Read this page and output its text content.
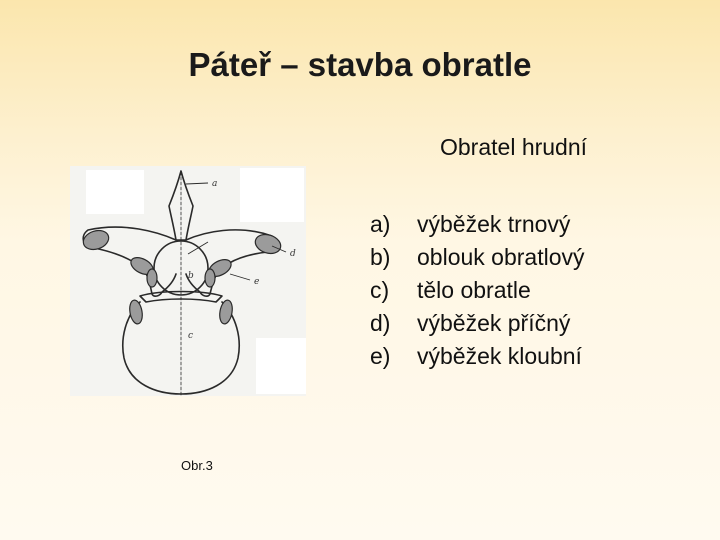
Páteř – stavba obratle
Obratel hrudní
a)	výběžek trnový
b)	oblouk obratlový
c)	tělo obratle
d)	výběžek příčný
e)	výběžek kloubní
a
b
c
d
e
Obr.3
